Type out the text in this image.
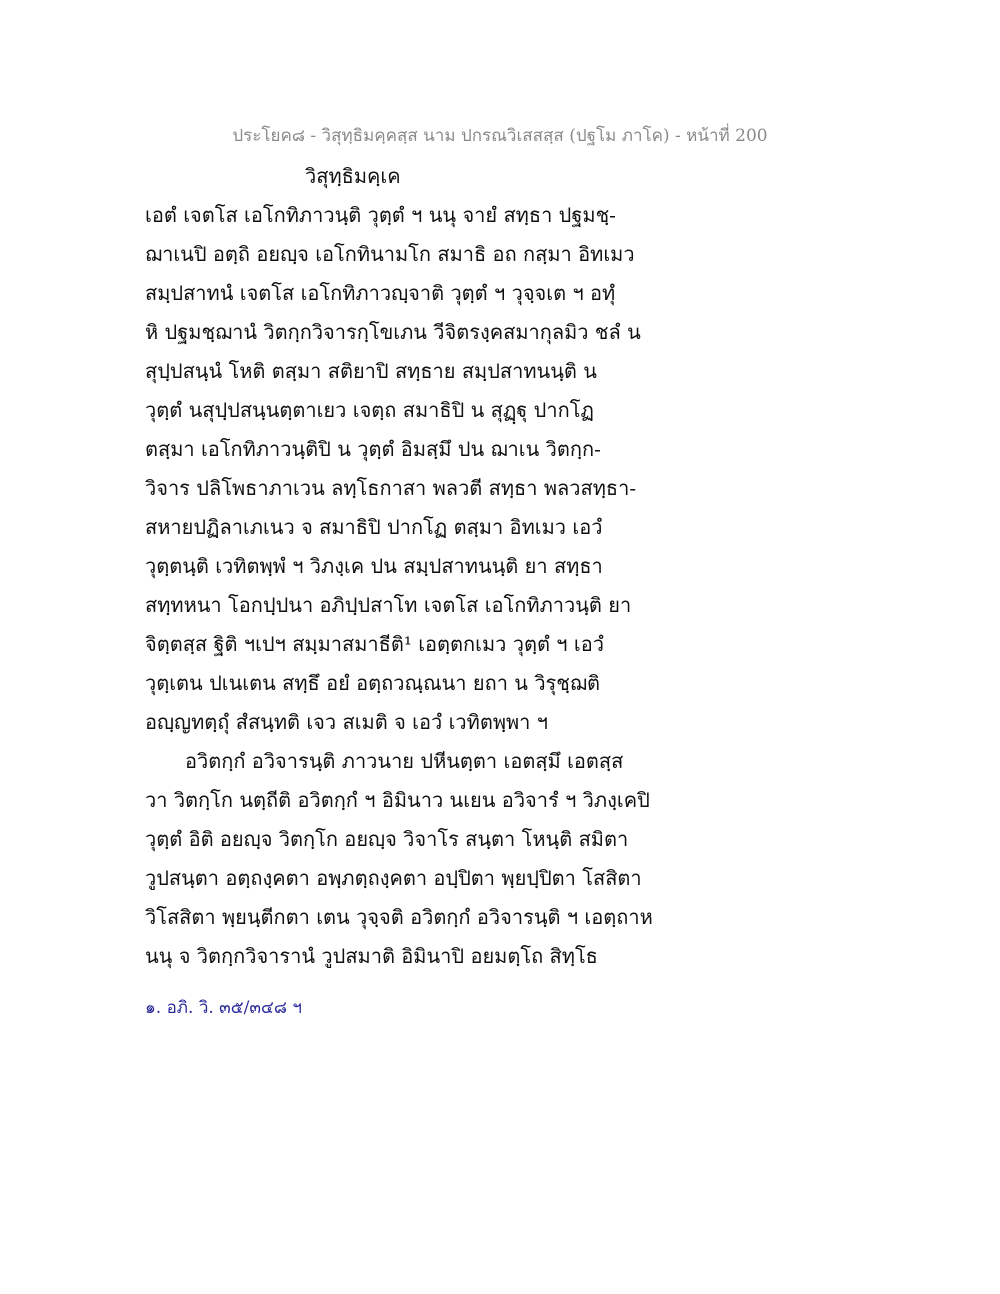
ประโยค๘ - วิสุทฺธิมคฺคสฺส นาม ปกรณวิเสสสฺส (ปฐโม ภาโค) - หน้าที่ 200
วิสุทฺธิมคฺเค
เอตํ เจตโส เอโกทิภาวนฺติ วุตฺตํ ฯ นนุ จายํ สทฺธา ปฐมชฺ-
ฌาเนปิ อตฺถิ อยญฺจ เอโกทินามโก สมาธิ อถ กสฺมา อิทเมว
สมฺปสาทนํ เจตโส เอโกทิภาวญฺจาติ วุตฺตํ ฯ วุจฺจเต ฯ อทุํ
หิ ปฐมชฺฌานํ วิตกฺกวิจารกฺโขเภน วีจิตรงฺคสมากุลมิว ชลํ น
สุปฺปสนฺนํ โหติ ตสฺมา สติยาปิ สทฺธาย สมฺปสาทนนฺติ น
วุตฺตํ นสุปฺปสนฺนตฺตาเยว เจตฺถ สมาธิปิ น สุฏฺฐุ ปากโฏ
ตสฺมา เอโกทิภาวนฺติปิ น วุตฺตํ อิมสฺมึ ปน ฌาเน วิตกฺก-
วิจาร ปลิโพธาภาเวน ลทฺโธกาสา พลวตี สทฺธา พลวสทฺธา-
สหายปฏิลาเภเนว จ สมาธิปิ ปากโฏ ตสฺมา อิทเมว เอวํ
วุตฺตนฺติ เวทิตพฺพํ ฯ วิภงฺเค ปน สมฺปสาทนนฺติ ยา สทฺธา
สทฺทหนา โอกปฺปนา อภิปฺปสาโท เจตโส เอโกทิภาวนฺติ ยา
จิตฺตสฺส ฐิติ ฯเปฯ สมฺมาสมาธีติ¹ เอตฺตกเมว วุตฺตํ ฯ เอวํ
วุตฺเตน ปเนเตน สทฺธึ อยํ อตฺถวณฺณนา ยถา น วิรุชฺฌติ
อญฺญทตฺถุํ สํสนฺทติ เจว สเมติ จ เอวํ เวทิตพฺพา ฯ
อวิตกฺกํ อวิจารนฺติ ภาวนาย ปหีนตฺตา เอตสฺมึ เอตสฺส
วา วิตกฺโก นตฺถีติ อวิตกฺกํ ฯ อิมินาว นเยน อวิจารํ ฯ วิภงฺเคปิ
วุตฺตํ อิติ อยญฺจ วิตกฺโก อยญฺจ วิจาโร สนฺตา โหนฺติ สมิตา
วูปสนฺตา อตฺถงฺคตา อพฺภตฺถงฺคตา อปฺปิตา พฺยปฺปิตา โสสิตา
วิโสสิตา พฺยนฺตีกตา เตน วุจฺจติ อวิตกฺกํ อวิจารนฺติ ฯ เอตฺถาห
นนุ จ วิตกฺกวิจารานํ วูปสมาติ อิมินาปิ อยมตฺโถ สิทฺโธ
๑. อภิ. วิ. ๓๕/๓๔๘ ฯ
